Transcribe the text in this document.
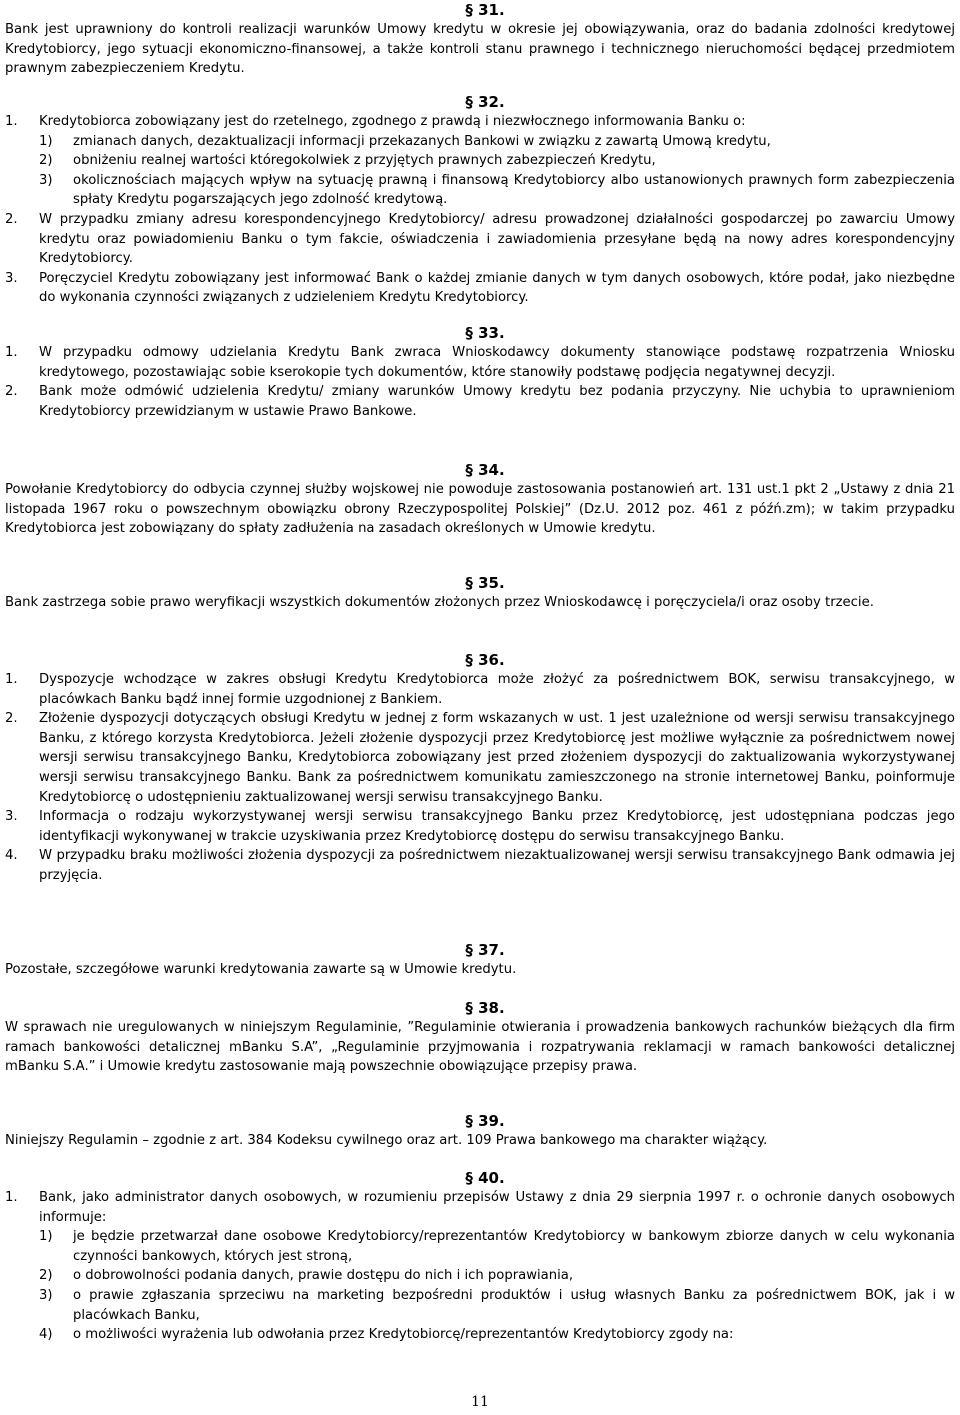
§ 31.

Bank jest uprawniony do kontroli realizacji warunków Umowy kredytu w okresie jej obowiązywania, oraz do badania zdolności kredytowej Kredytobiorcy, jego sytuacji ekonomiczno-finansowej, a także kontroli stanu prawnego i technicznego nieruchomości będącej przedmiotem prawnym zabezpieczeniem Kredytu.

§ 32.

1.	Kredytobiorca zobowiązany jest do rzetelnego, zgodnego z prawdą i niezwłocznego informowania Banku o:
1)	zmianach danych, dezaktualizacji informacji przekazanych Bankowi w związku z zawartą Umową kredytu,
2)	obniżeniu realnej wartości któregokolwiek z przyjętych prawnych zabezpieczeń Kredytu,
3)	okolicznościach mających wpływ na sytuację prawną i finansową Kredytobiorcy albo ustanowionych prawnych form zabezpieczenia spłaty Kredytu pogarszających jego zdolność kredytową.
2.	W przypadku zmiany adresu korespondencyjnego Kredytobiorcy/ adresu prowadzonej działalności gospodarczej po zawarciu Umowy kredytu oraz powiadomieniu Banku o tym fakcie, oświadczenia i zawiadomienia przesyłane będą na nowy adres korespondencyjny Kredytobiorcy.
3.	Poręczyciel Kredytu zobowiązany jest informować Bank o każdej zmianie danych w tym danych osobowych, które podał, jako niezbędne do wykonania czynności związanych z udzieleniem Kredytu Kredytobiorcy.

§ 33.

1.	W przypadku odmowy udzielania Kredytu Bank zwraca Wnioskodawcy dokumenty stanowiące podstawę rozpatrzenia Wniosku kredytowego, pozostawiając sobie kserokopie tych dokumentów, które stanowiły podstawę podjęcia negatywnej decyzji.
2.	Bank może odmówić udzielenia Kredytu/ zmiany warunków Umowy kredytu bez podania przyczyny. Nie uchybia to uprawnieniom Kredytobiorcy przewidzianym w ustawie Prawo Bankowe.

§ 34.

Powołanie Kredytobiorcy do odbycia czynnej służby wojskowej nie powoduje zastosowania postanowień art. 131 ust.1 pkt 2 „Ustawy z dnia 21 listopada 1967 roku o powszechnym obowiązku obrony Rzeczypospolitej Polskiej” (Dz.U. 2012 poz. 461 z późń.zm); w takim przypadku Kredytobiorca jest zobowiązany do spłaty zadłużenia na zasadach określonych w Umowie kredytu.

§ 35.

Bank zastrzega sobie prawo weryfikacji wszystkich dokumentów złożonych przez Wnioskodawcę i poręczyciela/i oraz osoby trzecie.

§ 36.

1.	Dyspozycje wchodzące w zakres obsługi Kredytu Kredytobiorca może złożyć za pośrednictwem BOK, serwisu transakcyjnego, w placówkach Banku bądź innej formie uzgodnionej z Bankiem.
2.	Złożenie dyspozycji dotyczących obsługi Kredytu w jednej z form wskazanych w ust. 1 jest uzależnione od wersji serwisu transakcyjnego Banku, z którego korzysta Kredytobiorca. Jeżeli złożenie dyspozycji przez Kredytobiorcę jest możliwe wyłącznie za pośrednictwem nowej wersji serwisu transakcyjnego Banku, Kredytobiorca zobowiązany jest przed złożeniem dyspozycji do zaktualizowania wykorzystywanej wersji serwisu transakcyjnego Banku. Bank za pośrednictwem komunikatu zamieszczonego na stronie internetowej Banku, poinformuje Kredytobiorcę o udostępnieniu zaktualizowanej wersji serwisu transakcyjnego Banku.
3.	Informacja o rodzaju wykorzystywanej wersji serwisu transakcyjnego Banku przez Kredytobiorcę, jest udostępniana podczas jego identyfikacji wykonywanej w trakcie uzyskiwania przez Kredytobiorcę dostępu do serwisu transakcyjnego Banku.
4.	W przypadku braku możliwości złożenia dyspozycji za pośrednictwem niezaktualizowanej wersji serwisu transakcyjnego Bank odmawia jej przyjęcia.

§ 37.

Pozostałe, szczegółowe warunki kredytowania zawarte są w Umowie kredytu.

§ 38.

W sprawach nie uregulowanych w niniejszym Regulaminie, ”Regulaminie otwierania i prowadzenia bankowych rachunków bieżących dla firm ramach bankowości detalicznej mBanku S.A”, „Regulaminie przyjmowania i rozpatrywania reklamacji w ramach bankowości detalicznej mBanku S.A.” i Umowie kredytu zastosowanie mają powszechnie obowiązujące przepisy prawa.

§ 39.

Niniejszy Regulamin – zgodnie z art. 384 Kodeksu cywilnego oraz art. 109 Prawa bankowego ma charakter wiążący.

§ 40.

1.	Bank, jako administrator danych osobowych, w rozumieniu przepisów Ustawy z dnia 29 sierpnia 1997 r. o ochronie danych osobowych informuje:
1)	je będzie przetwarzał dane osobowe Kredytobiorcy/reprezentantów Kredytobiorcy w bankowym zbiorze danych w celu wykonania czynności bankowych, których jest stroną,
2)	o dobrowolności podania danych, prawie dostępu do nich i ich poprawiania,
3)	o prawie zgłaszania sprzeciwu na marketing bezpośredni produktów i usług własnych Banku za pośrednictwem BOK, jak i w placówkach Banku,
4)	o możliwości wyrażenia lub odwołania przez Kredytobiorcę/reprezentantów Kredytobiorcy zgody na:
11
